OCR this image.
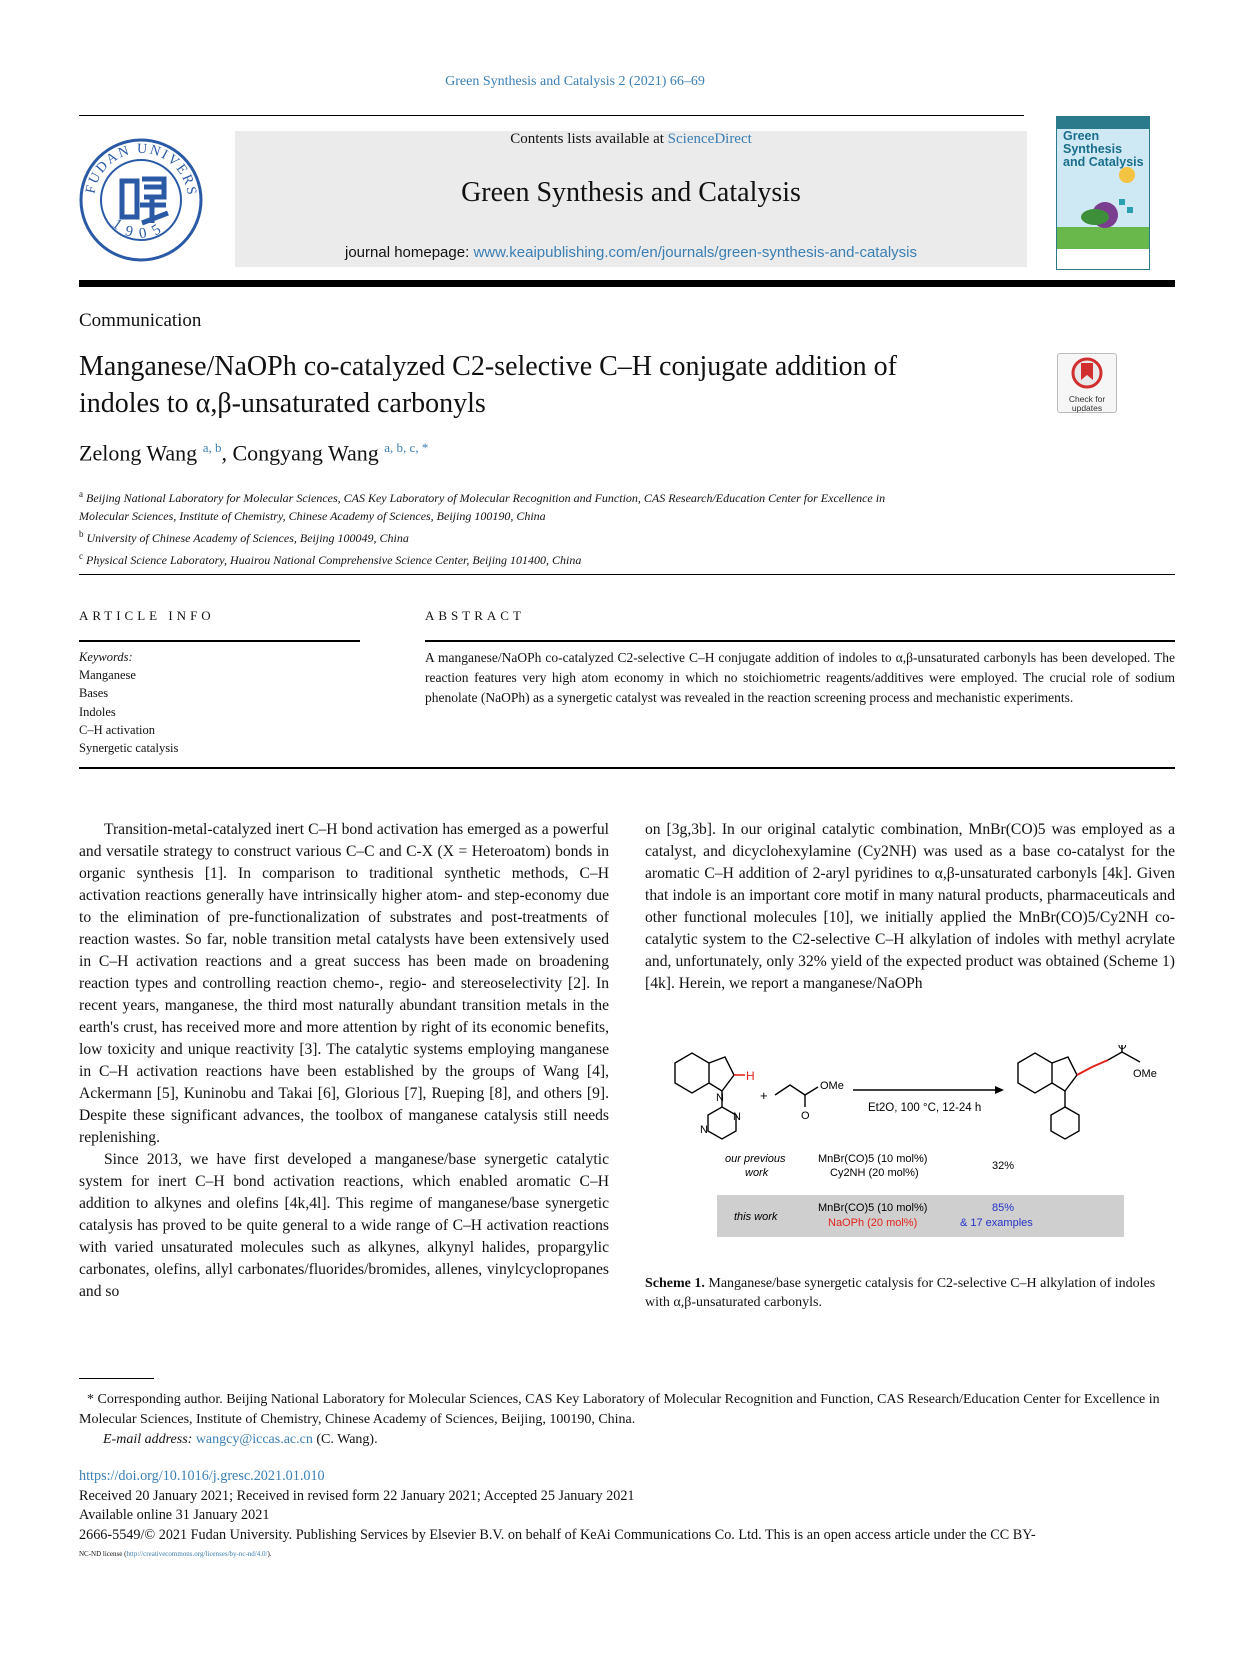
Green Synthesis and Catalysis 2 (2021) 66–69
FUDAN UNIVERS
1905
Contents lists available at ScienceDirect
Green Synthesis and Catalysis
journal homepage: www.keaipublishing.com/en/journals/green-synthesis-and-catalysis
Green Synthesis
and Catalysis
Communication
Manganese/NaOPh co-catalyzed C2-selective C–H conjugate addition of
indoles to α,β-unsaturated carbonyls	Check for updates
Zelong Wang $^{a, b}$, Congyang Wang $^{a, b, c, *}$
$^a$ Beijing National Laboratory for Molecular Sciences, CAS Key Laboratory of Molecular Recognition and Function, CAS Research/Education Center for Excellence in
Molecular Sciences, Institute of Chemistry, Chinese Academy of Sciences, Beijing 100190, China
$^b$ University of Chinese Academy of Sciences, Beijing 100049, China
$^c$ Physical Science Laboratory, Huairou National Comprehensive Science Center, Beijing 101400, China
ARTICLE INFO	ABSTRACT
Keywords:
Manganese
Bases
Indoles
C–H activation
Synergetic catalysis
A manganese/NaOPh co-catalyzed C2-selective C–H conjugate addition of indoles to α,β-unsaturated carbonyls has been developed. The reaction features very high atom economy in which no stoichiometric reagents/additives were employed. The crucial role of sodium phenolate (NaOPh) as a synergetic catalyst was revealed in the reaction screening process and mechanistic experiments.

Transition-metal-catalyzed inert C–H bond activation has emerged as a powerful and versatile strategy to construct various C–C and C-X (X = Heteroatom) bonds in organic synthesis [1]. In comparison to traditional synthetic methods, C–H activation reactions generally have intrinsically higher atom- and step-economy due to the elimination of pre-functionalization of substrates and post-treatments of reaction wastes. So far, noble transition metal catalysts have been extensively used in C–H activation reactions and a great success has been made on broadening reaction types and controlling reaction chemo-, regio- and stereoselectivity [2]. In recent years, manganese, the third most naturally abundant transition metals in the earth's crust, has received more and more attention by right of its economic benefits, low toxicity and unique reactivity [3]. The catalytic systems employing manganese in C–H activation reactions have been established by the groups of Wang [4], Ackermann [5], Kuninobu and Takai [6], Glorious [7], Rueping [8], and others [9]. Despite these significant advances, the toolbox of manganese catalysis still needs replenishing.

Since 2013, we have first developed a manganese/base synergetic catalytic system for inert C–H bond activation reactions, which enabled aromatic C–H addition to alkynes and olefins [4k,4l]. This regime of manganese/base synergetic catalysis has proved to be quite general to a wide range of C–H activation reactions with varied unsaturated molecules such as alkynes, alkynyl halides, propargylic carbonates, olefins, allyl carbonates/fluorides/bromides, allenes, vinylcyclopropanes and so

on [3g,3b]. In our original catalytic combination, MnBr(CO)5 was employed as a catalyst, and dicyclohexylamine (Cy2NH) was used as a base co-catalyst for the aromatic C–H addition of 2-aryl pyridines to α,β-unsaturated carbonyls [4k]. Given that indole is an important core motif in many natural products, pharmaceuticals and other functional molecules [10], we initially applied the MnBr(CO)5/Cy2NH co-catalytic system to the C2-selective C–H alkylation of indoles with methyl acrylate and, unfortunately, only 32% yield of the expected product was obtained (Scheme 1) [4k]. Herein, we report a manganese/NaOPh

H
N
N
N
+
OMe
O
Et2O, 100 °C, 12-24 h
OMe
O
our previous
work
MnBr(CO)5 (10 mol%)
Cy2NH (20 mol%)
32%
this work
MnBr(CO)5 (10 mol%)
NaOPh (20 mol%)
85%
& 17 examples
Scheme 1. Manganese/base synergetic catalysis for C2-selective C–H alkylation of indoles with α,β-unsaturated carbonyls.
* Corresponding author. Beijing National Laboratory for Molecular Sciences, CAS Key Laboratory of Molecular Recognition and Function, CAS Research/Education Center for Excellence in Molecular Sciences, Institute of Chemistry, Chinese Academy of Sciences, Beijing, 100190, China.
E-mail address: wangcy@iccas.ac.cn (C. Wang).
https://doi.org/10.1016/j.gresc.2021.01.010
Received 20 January 2021; Received in revised form 22 January 2021; Accepted 25 January 2021
Available online 31 January 2021
2666-5549/© 2021 Fudan University. Publishing Services by Elsevier B.V. on behalf of KeAi Communications Co. Ltd. This is an open access article under the CC BY-
NC-ND license (http://creativecommons.org/licenses/by-nc-nd/4.0/).
